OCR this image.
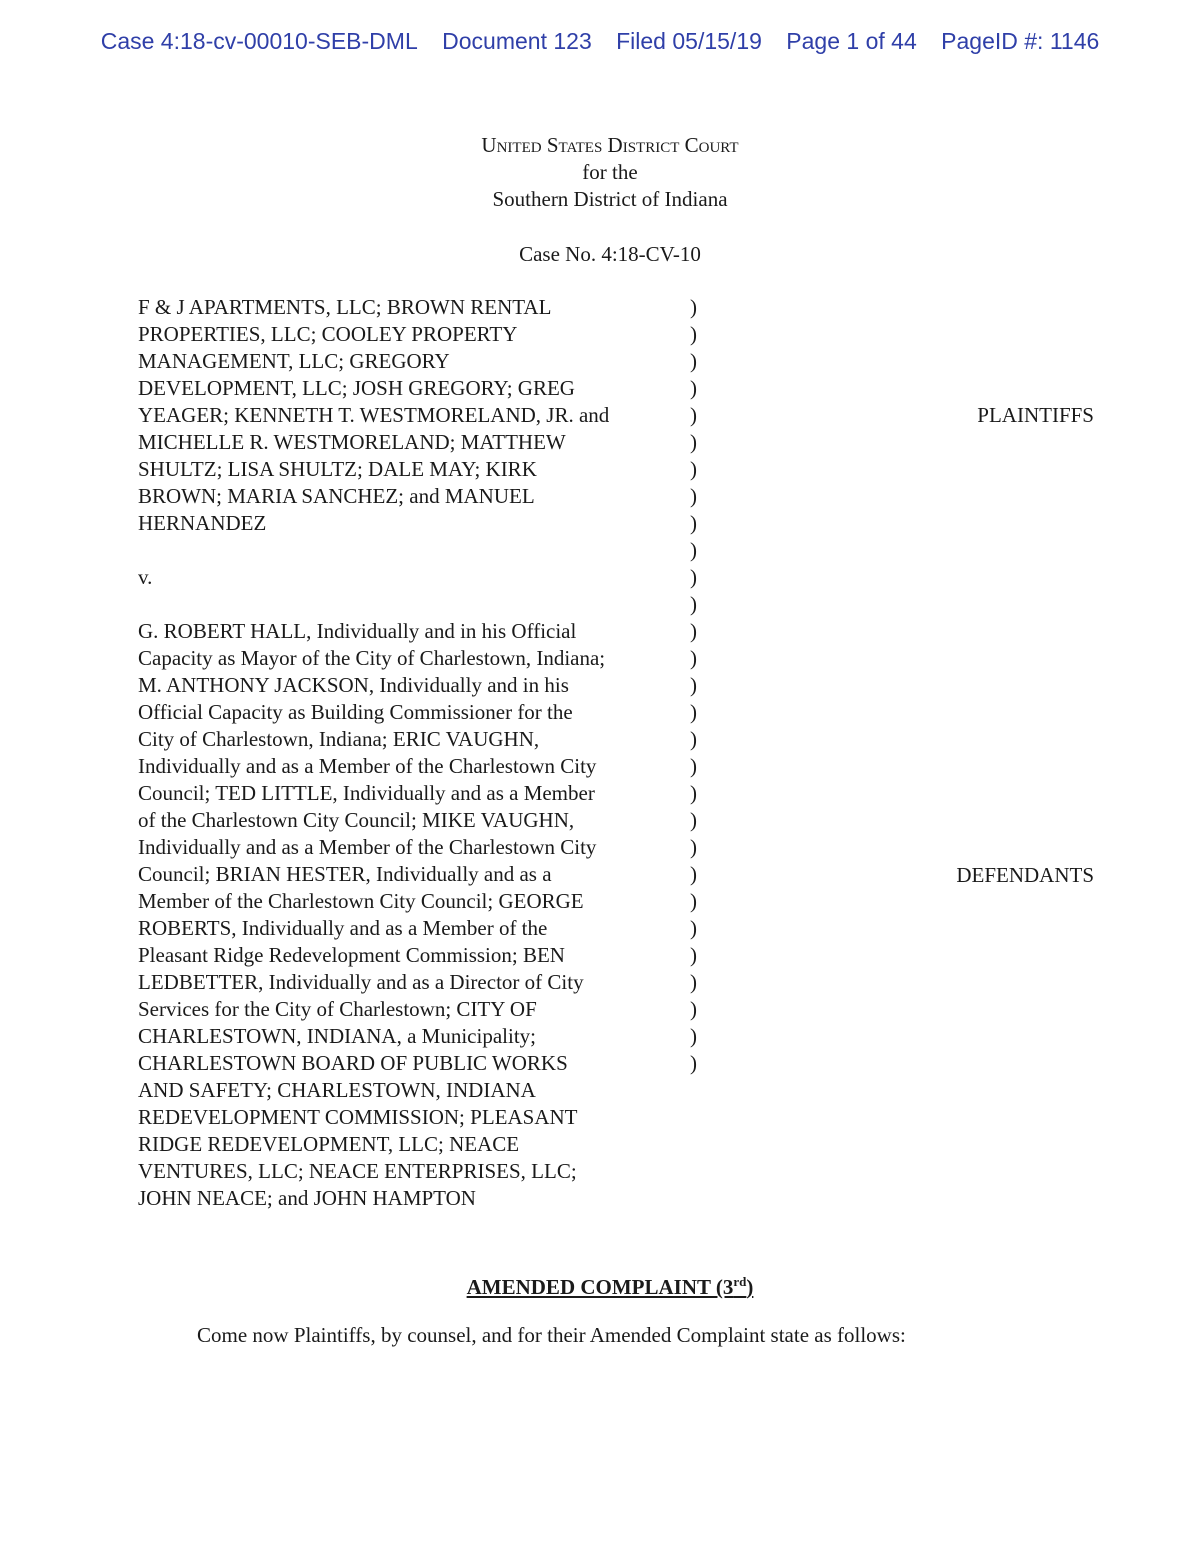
Case 4:18-cv-00010-SEB-DML Document 123 Filed 05/15/19 Page 1 of 44 PageID #: 1146
United States District Court
for the
Southern District of Indiana
Case No. 4:18-CV-10
F & J APARTMENTS, LLC; BROWN RENTAL
PROPERTIES, LLC; COOLEY PROPERTY
MANAGEMENT, LLC; GREGORY
DEVELOPMENT, LLC; JOSH GREGORY; GREG
YEAGER; KENNETH T. WESTMORELAND, JR. and
MICHELLE R. WESTMORELAND; MATTHEW
SHULTZ; LISA SHULTZ; DALE MAY; KIRK
BROWN; MARIA SANCHEZ; and MANUEL
HERNANDEZ
v.
G. ROBERT HALL, Individually and in his Official
Capacity as Mayor of the City of Charlestown, Indiana;
M. ANTHONY JACKSON, Individually and in his
Official Capacity as Building Commissioner for the
City of Charlestown, Indiana; ERIC VAUGHN,
Individually and as a Member of the Charlestown City
Council; TED LITTLE, Individually and as a Member
of the Charlestown City Council; MIKE VAUGHN,
Individually and as a Member of the Charlestown City
Council; BRIAN HESTER, Individually and as a
Member of the Charlestown City Council; GEORGE
ROBERTS, Individually and as a Member of the
Pleasant Ridge Redevelopment Commission; BEN
LEDBETTER, Individually and as a Director of City
Services for the City of Charlestown; CITY OF
CHARLESTOWN, INDIANA, a Municipality;
CHARLESTOWN BOARD OF PUBLIC WORKS
AND SAFETY; CHARLESTOWN, INDIANA
REDEVELOPMENT COMMISSION; PLEASANT
RIDGE REDEVELOPMENT, LLC; NEACE
VENTURES, LLC; NEACE ENTERPRISES, LLC;
JOHN NEACE; and JOHN HAMPTON
)
)
)
)
)
)
)
)
)
)
)
)
)
)
)
)
)
)
)
)
)
)
)
)
)
)
)
)
)
PLAINTIFFS
DEFENDANTS
AMENDED COMPLAINT (3rd)
Come now Plaintiffs, by counsel, and for their Amended Complaint state as follows:
